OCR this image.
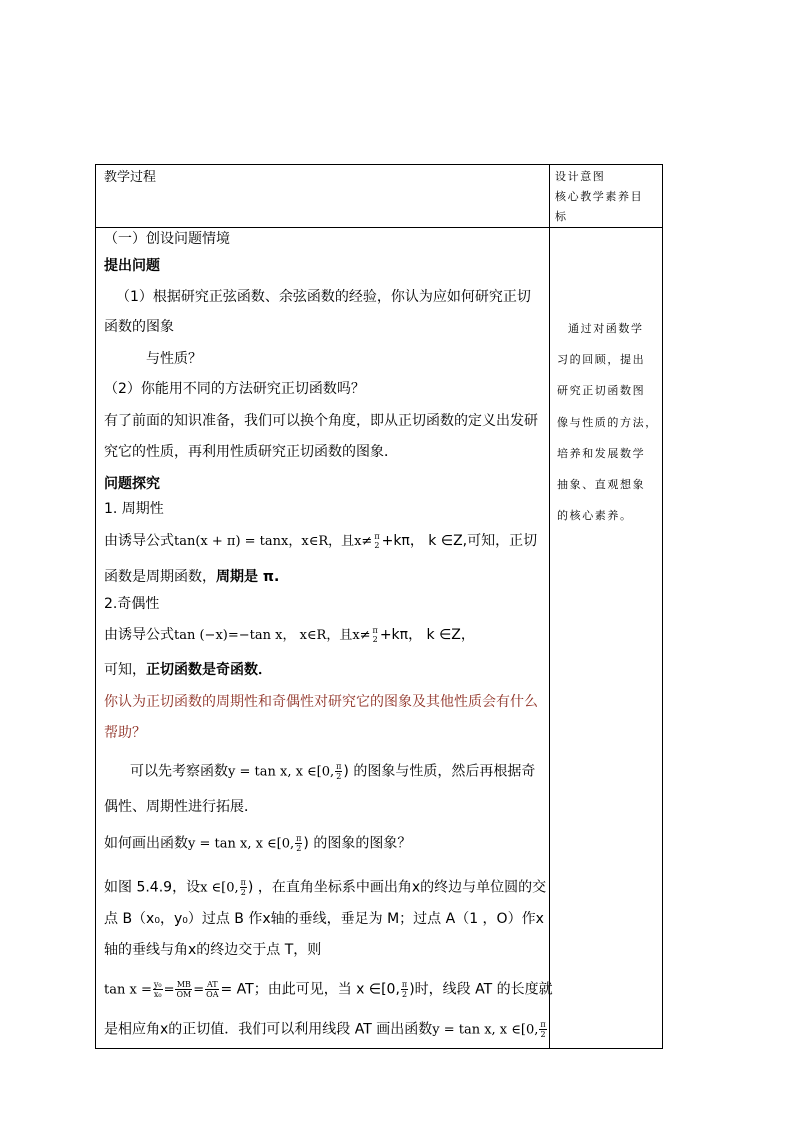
教学过程	设计意图
核心教学素养目
标
（一）创设问题情境
提出问题
（1）根据研究正弦函数、余弦函数的经验，你认为应如何研究正切
函数的图象
与性质？
（2）你能用不同的方法研究正切函数吗？
有了前面的知识准备，我们可以换个角度，即从正切函数的定义出发研
究它的性质，再利用性质研究正切函数的图象．
问题探究
1. 周期性
由诱导公式tan(x + π) = tanx，x∈R，且x≠ π
2 +kπ， k ∈Z,可知，正切
函数是周期函数，周期是 π.
2.奇偶性
由诱导公式tan (−x)=−tan x， x∈R，且x≠ π
2 +kπ， k ∈Z，
可知，正切函数是奇函数．
你认为正切函数的周期性和奇偶性对研究它的图象及其他性质会有什么
帮助？
可以先考察函数y = tan x, x ∈[0, $\frac{\pi}{2}$ ) 的图象与性质，然后再根据奇
偶性、周期性进行拓展．
如何画出函数y = tan x, x ∈[0, $\frac{\pi}{2}$ ) 的图象的图象？
如图 5.4.9，设x ∈[0, $\frac{\pi}{2}$ ) ，在直角坐标系中画出角x的终边与单位圆的交
点 B（x₀，y₀）过点 B 作x轴的垂线，垂足为 M；过点 A（1 ，O）作x
轴的垂线与角x的终边交于点 T，则
$\tan x = \frac{\text{y₀}}{\text{x₀}} = \frac{MB}{OM} = \frac{AT}{OA}$ = AT；由此可见，当 x ∈[0, $\frac{\pi}{2}$ )时，线段 AT 的长度就
是相应角x的正切值．我们可以利用线段 AT 画出函数y = tan x, x ∈[0, $\frac{\pi}{2}$
通过对函数学
习的回顾，提出
研究正切函数图
像与性质的方法，
培养和发展数学
抽象、直观想象
的核心素养。
